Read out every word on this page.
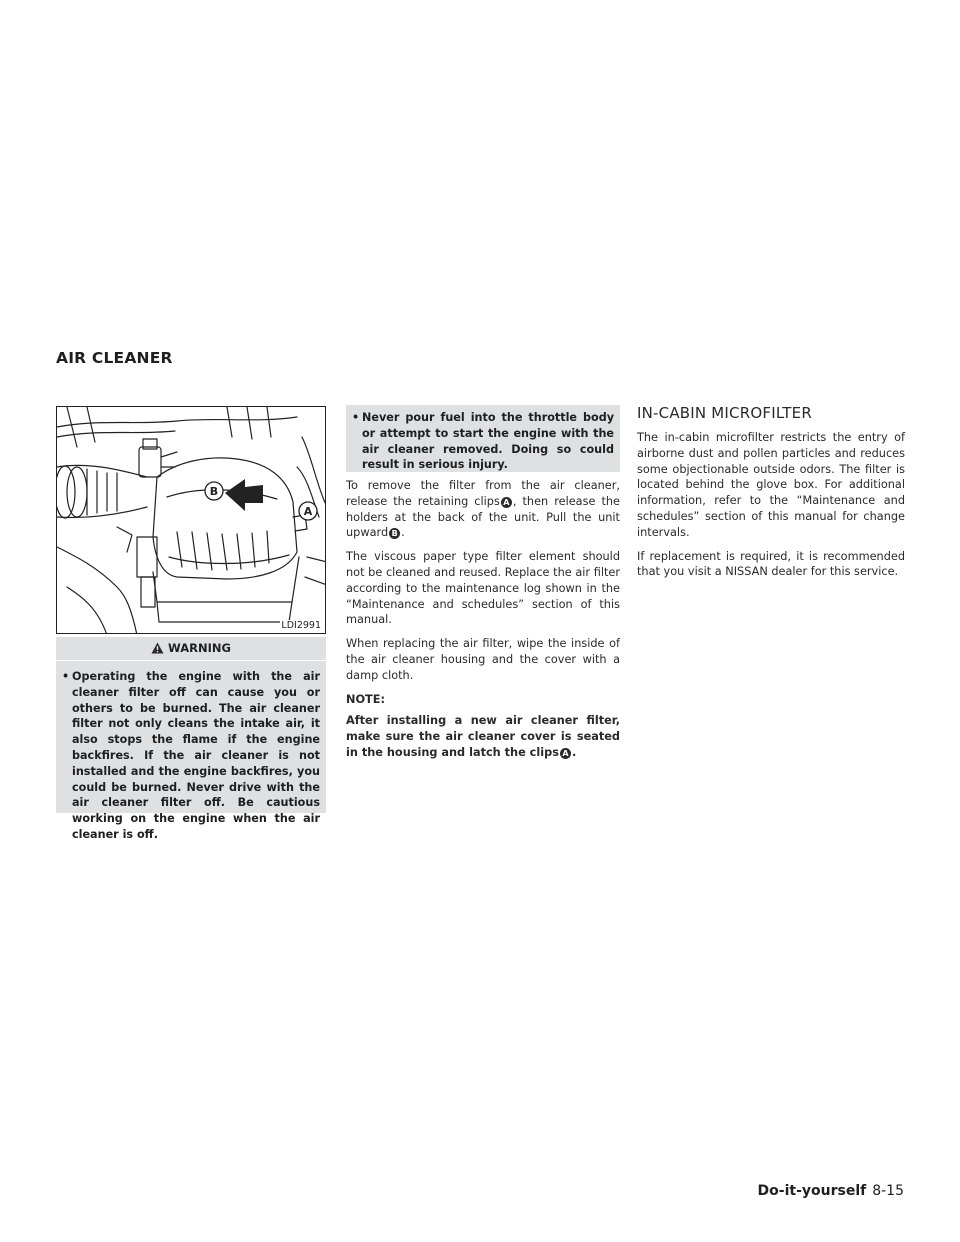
AIR CLEANER
B
A
LDI2991
WARNING
• Operating the engine with the air cleaner filter off can cause you or others to be burned. The air cleaner filter not only cleans the intake air, it also stops the flame if the engine backfires. If the air cleaner is not installed and the engine backfires, you could be burned. Never drive with the air cleaner filter off. Be cautious working on the engine when the air cleaner is off.
• Never pour fuel into the throttle body or attempt to start the engine with the air cleaner removed. Doing so could result in serious injury.

To remove the filter from the air cleaner, release the retaining clips A , then release the holders at the back of the unit. Pull the unit upward B .

The viscous paper type filter element should not be cleaned and reused. Replace the air filter according to the maintenance log shown in the “Maintenance and schedules” section of this manual.

When replacing the air filter, wipe the inside of the air cleaner housing and the cover with a damp cloth.

NOTE:

After installing a new air cleaner filter, make sure the air cleaner cover is seated in the housing and latch the clips A .

IN-CABIN MICROFILTER

The in-cabin microfilter restricts the entry of airborne dust and pollen particles and reduces some objectionable outside odors. The filter is located behind the glove box. For additional information, refer to the “Maintenance and schedules” section of this manual for change intervals.

If replacement is required, it is recommended that you visit a NISSAN dealer for this service.

Do-it-yourself 8-15
